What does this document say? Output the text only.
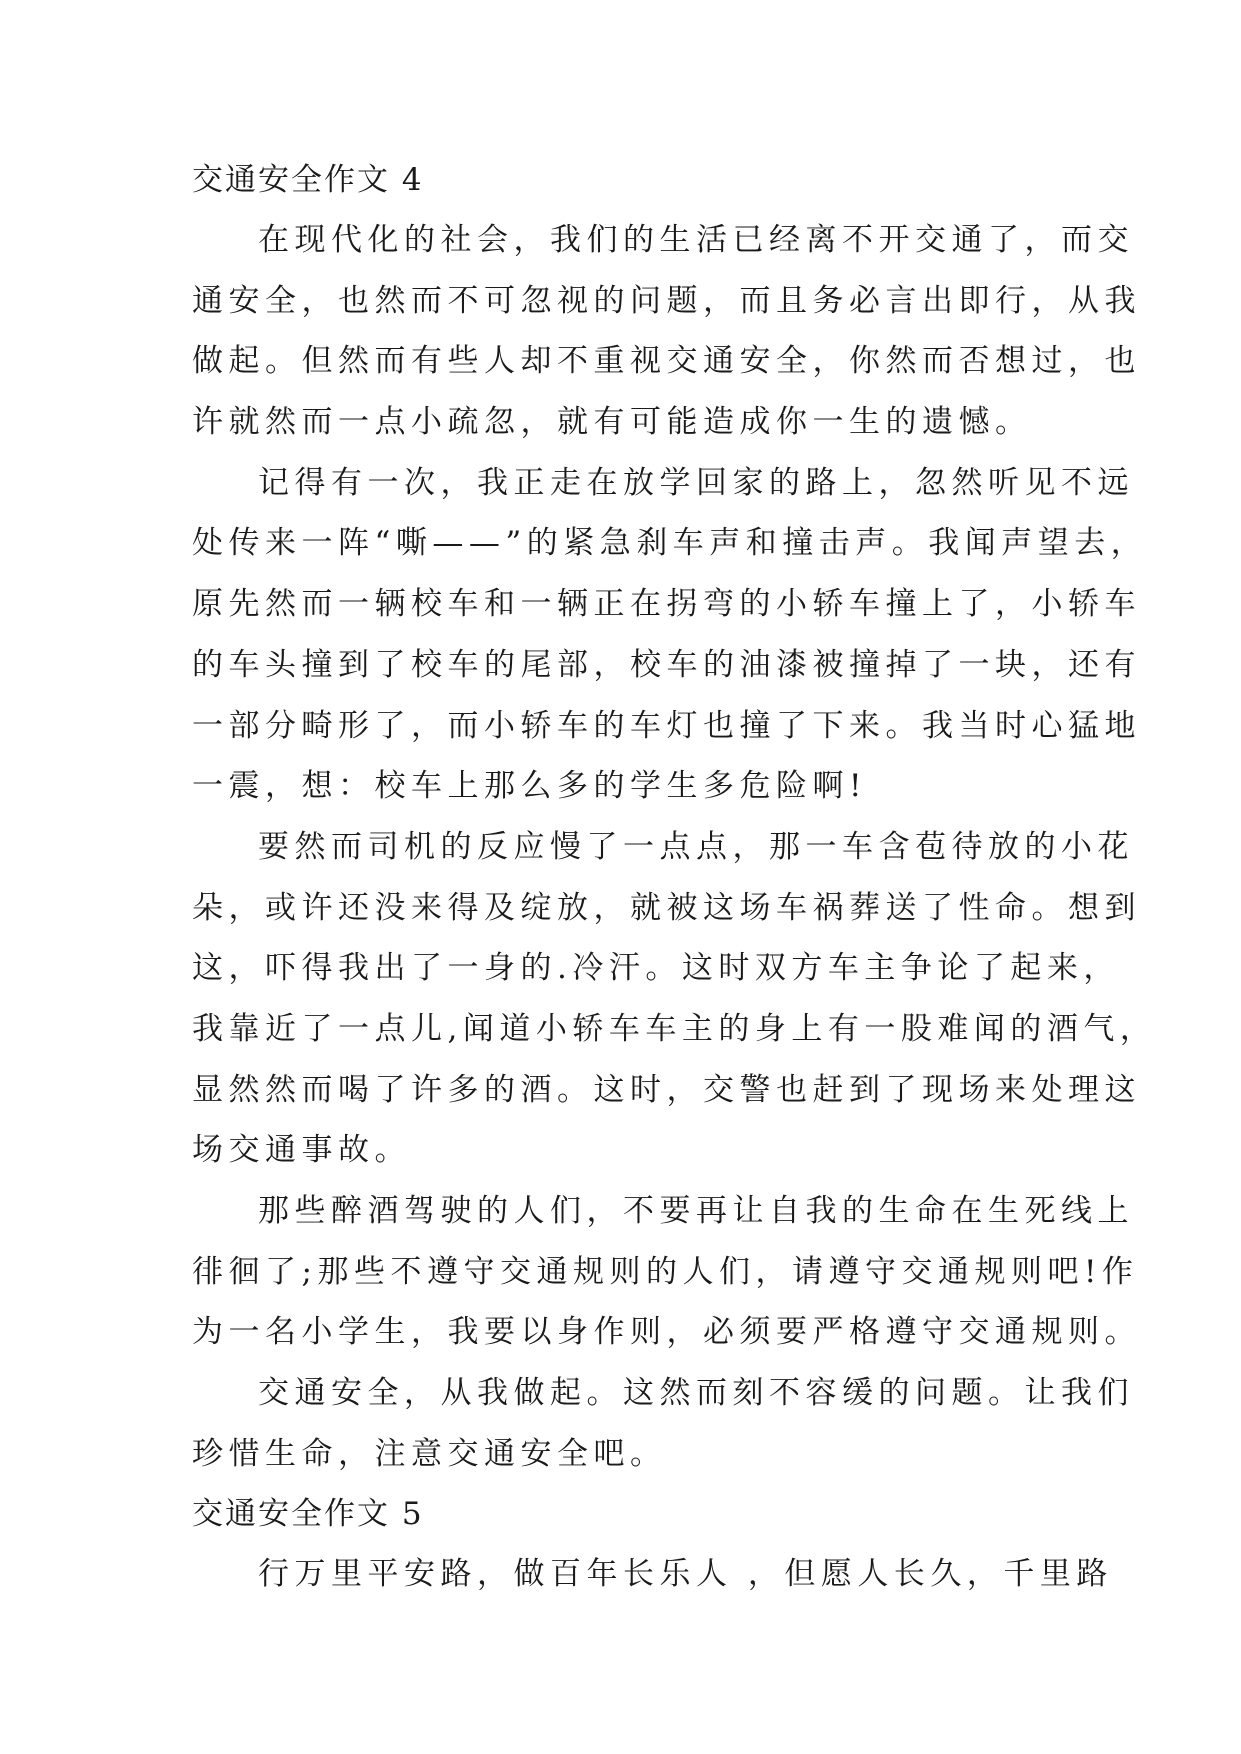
交通安全作文 4
在现代化的社会，我们的生活已经离不开交通了，而交
通安全，也然而不可忽视的问题，而且务必言出即行，从我
做起。但然而有些人却不重视交通安全，你然而否想过，也
许就然而一点小疏忽，就有可能造成你一生的遗憾。
记得有一次，我正走在放学回家的路上，忽然听见不远
处传来一阵“嘶——”的紧急刹车声和撞击声。我闻声望去，
原先然而一辆校车和一辆正在拐弯的小轿车撞上了，小轿车
的车头撞到了校车的尾部，校车的油漆被撞掉了一块，还有
一部分畸形了，而小轿车的车灯也撞了下来。我当时心猛地
一震，想：校车上那么多的学生多危险啊!
要然而司机的反应慢了一点点，那一车含苞待放的小花
朵，或许还没来得及绽放，就被这场车祸葬送了性命。想到
这，吓得我出了一身的.冷汗。这时双方车主争论了起来，
我靠近了一点儿,闻道小轿车车主的身上有一股难闻的酒气，
显然然而喝了许多的酒。这时，交警也赶到了现场来处理这
场交通事故。
那些醉酒驾驶的人们，不要再让自我的生命在生死线上
徘徊了;那些不遵守交通规则的人们，请遵守交通规则吧!作
为一名小学生，我要以身作则，必须要严格遵守交通规则。
交通安全，从我做起。这然而刻不容缓的问题。让我们
珍惜生命，注意交通安全吧。
交通安全作文 5
行万里平安路，做百年长乐人 ，但愿人长久，千里路
